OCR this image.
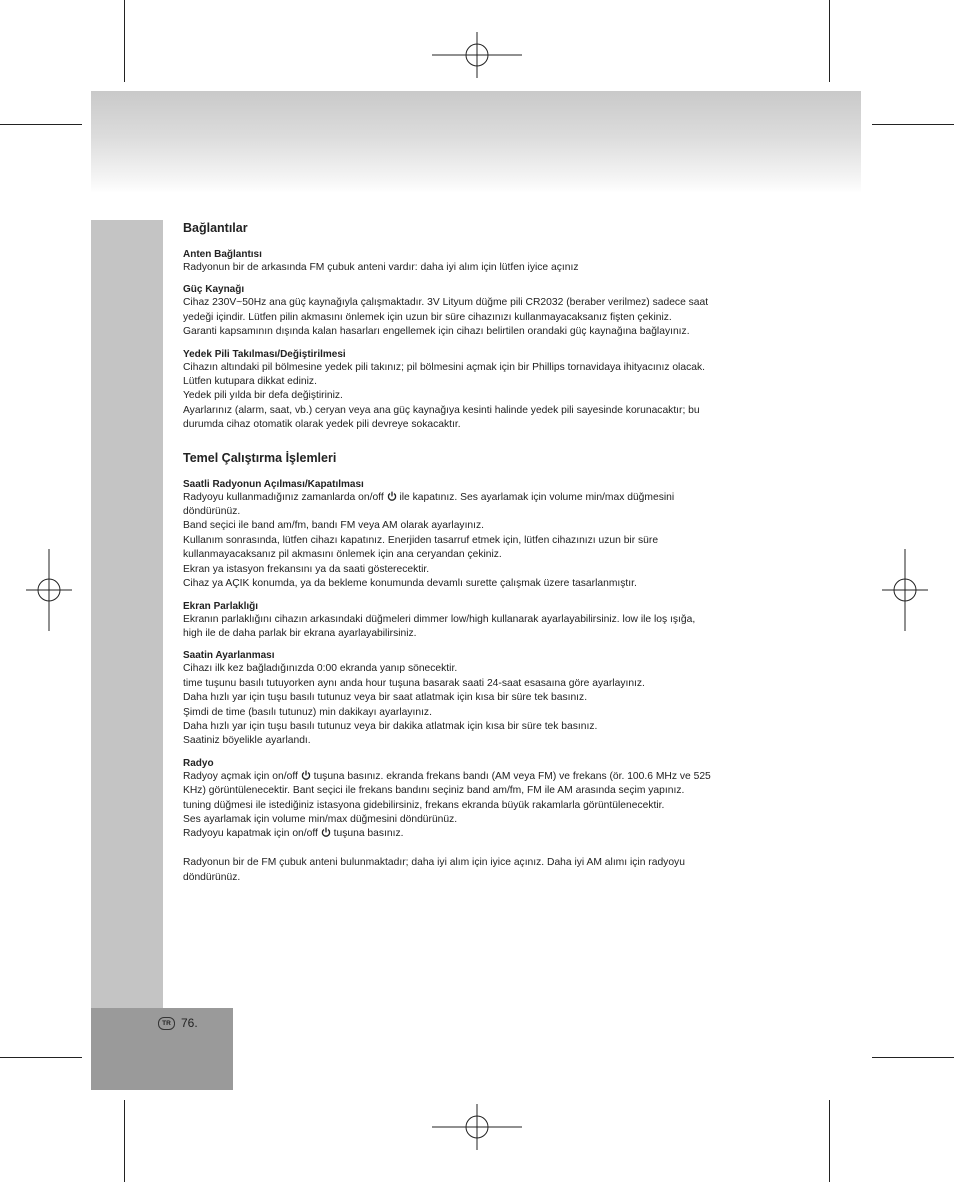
Bağlantılar

Anten Bağlantısı

Radyonun bir de arkasında FM çubuk anteni vardır: daha iyi alım için lütfen iyice açınız

Güç Kaynağı

Cihaz 230V~50Hz ana güç kaynağıyla çalışmaktadır. 3V Lityum düğme pili CR2032 (beraber verilmez) sadece saat

yedeği içindir. Lütfen pilin akmasını önlemek için uzun bir süre cihazınızı kullanmayacaksanız fişten çekiniz.

Garanti kapsamının dışında kalan hasarları engellemek için cihazı belirtilen orandaki güç kaynağına bağlayınız.

Yedek Pili Takılması/Değiştirilmesi

Cihazın altındaki pil bölmesine yedek pili takınız; pil bölmesini açmak için bir Phillips tornavidaya ihityacınız olacak.

Lütfen kutupara dikkat ediniz.

Yedek pili yılda bir defa değiştiriniz.

Ayarlarınız (alarm, saat, vb.) ceryan veya ana güç kaynağıya kesinti halinde yedek pili sayesinde korunacaktır; bu

durumda cihaz otomatik olarak yedek pili devreye sokacaktır.

Temel Çalıştırma İşlemleri

Saatli Radyonun Açılması/Kapatılması

Radyoyu kullanmadığınız zamanlarda on/off  ile kapatınız. Ses ayarlamak için volume min/max düğmesini

döndürünüz.

Band seçici ile band am/fm, bandı FM veya AM olarak ayarlayınız.

Kullanım sonrasında, lütfen cihazı kapatınız. Enerjiden tasarruf etmek için, lütfen cihazınızı uzun bir süre

kullanmayacaksanız pil akmasını önlemek için ana ceryandan çekiniz.

Ekran ya istasyon frekansını ya da saati gösterecektir.

Cihaz ya AÇIK konumda, ya da bekleme konumunda devamlı surette çalışmak üzere tasarlanmıştır.

Ekran Parlaklığı

Ekranın parlaklığını cihazın arkasındaki düğmeleri dimmer low/high kullanarak ayarlayabilirsiniz. low ile loş ışığa,

high ile de daha parlak bir ekrana ayarlayabilirsiniz.

Saatin Ayarlanması

Cihazı ilk kez bağladığınızda 0:00 ekranda yanıp sönecektir.

time tuşunu basılı tutuyorken aynı anda hour tuşuna basarak saati 24-saat esasaına göre ayarlayınız.

Daha hızlı yar için tuşu basılı tutunuz veya bir saat atlatmak için kısa bir süre tek basınız.

Şimdi de time (basılı tutunuz) min dakikayı ayarlayınız.

Daha hızlı yar için tuşu basılı tutunuz veya bir dakika atlatmak için kısa bir süre tek basınız.

Saatiniz böyelikle ayarlandı.

Radyo

Radyoy açmak için on/off  tuşuna basınız. ekranda frekans bandı (AM veya FM) ve frekans (ör. 100.6 MHz ve 525

KHz) görüntülenecektir. Bant seçici ile frekans bandını seçiniz band am/fm, FM ile AM arasında seçim yapınız.

tuning düğmesi ile istediğiniz istasyona gidebilirsiniz, frekans ekranda büyük rakamlarla görüntülenecektir.

Ses ayarlamak için volume min/max düğmesini döndürünüz.

Radyoyu kapatmak için on/off  tuşuna basınız.

Radyonun bir de FM çubuk anteni bulunmaktadır; daha iyi alım için iyice açınız. Daha iyi AM alımı için radyoyu

döndürünüz.

TR 76.
